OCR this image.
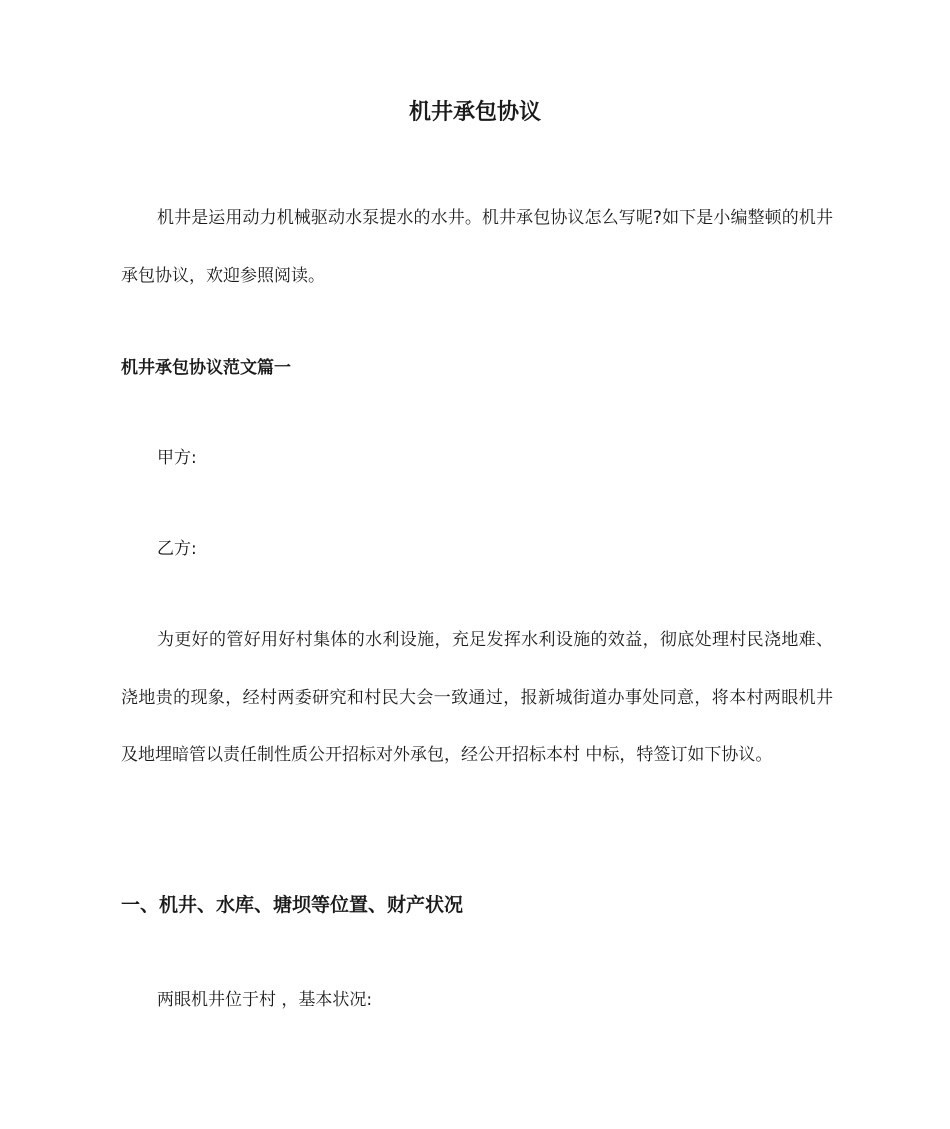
机井承包协议

机井是运用动力机械驱动水泵提水的水井。机井承包协议怎么写呢?如下是小编整顿的机井承包协议，欢迎参照阅读。

机井承包协议范文篇一

甲方:

乙方:

为更好的管好用好村集体的水利设施，充足发挥水利设施的效益，彻底处理村民浇地难、浇地贵的现象，经村两委研究和村民大会一致通过，报新城街道办事处同意，将本村两眼机井及地埋暗管以责任制性质公开招标对外承包，经公开招标本村 中标，特签订如下协议。

一、机井、水库、塘坝等位置、财产状况

两眼机井位于村 ，基本状况:
